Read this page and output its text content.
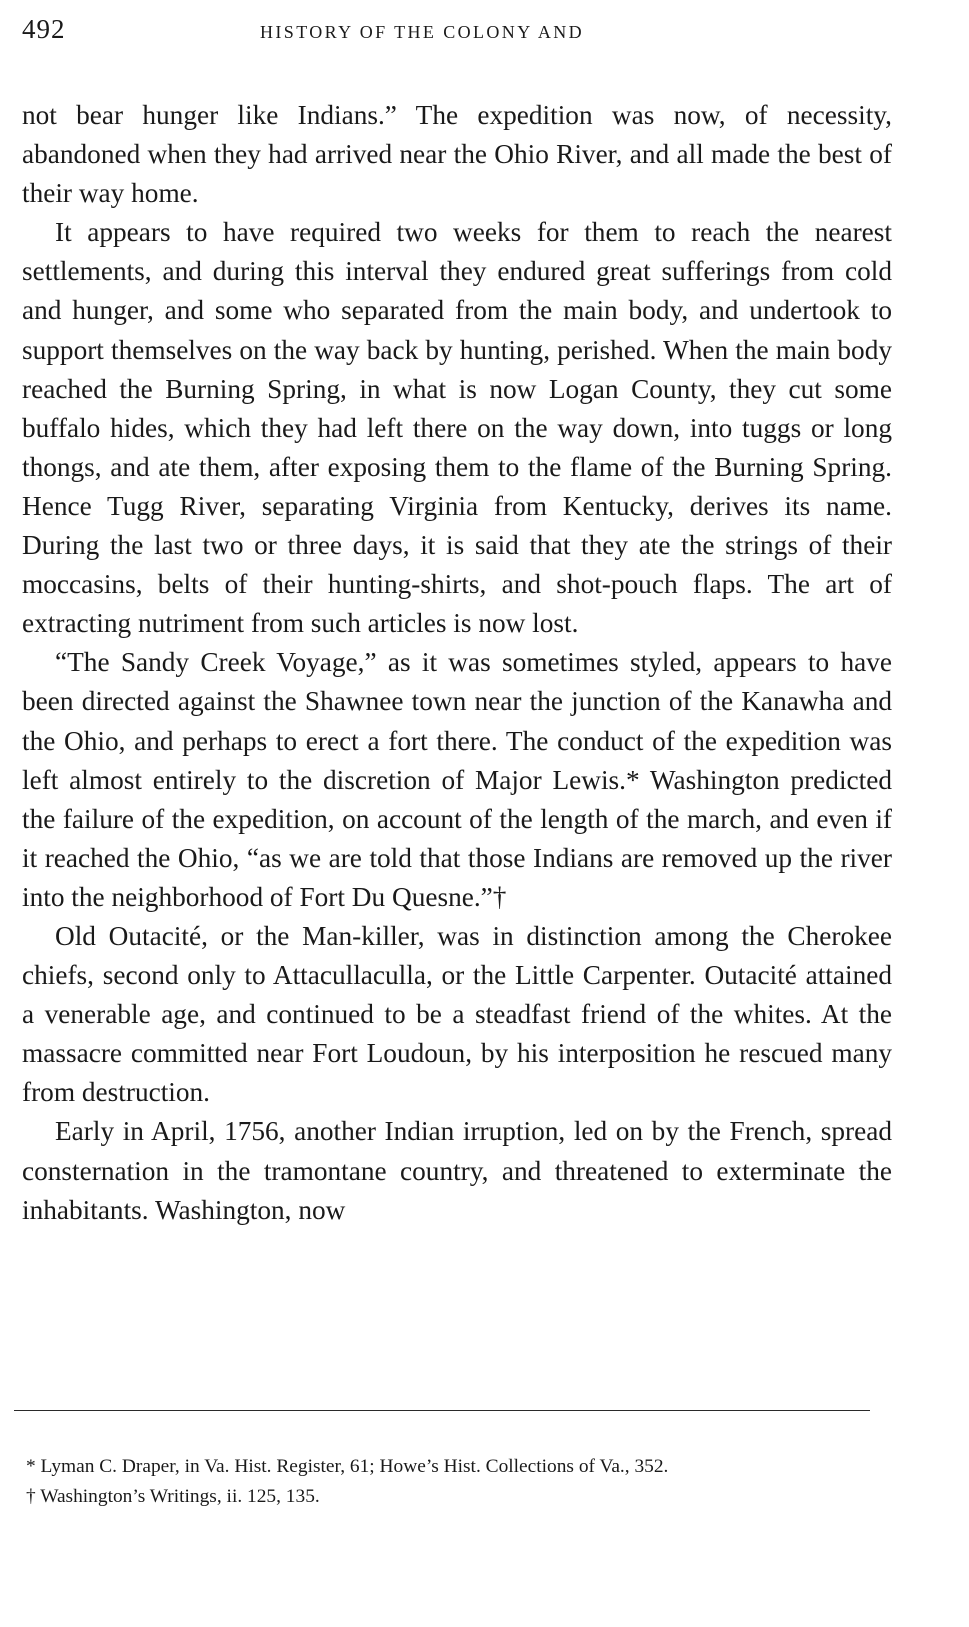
492	HISTORY OF THE COLONY AND

not bear hunger like Indians.” The expedition was now, of necessity, abandoned when they had arrived near the Ohio River, and all made the best of their way home.

It appears to have required two weeks for them to reach the nearest settlements, and during this interval they endured great sufferings from cold and hunger, and some who separated from the main body, and undertook to support themselves on the way back by hunting, perished. When the main body reached the Burning Spring, in what is now Logan County, they cut some buffalo hides, which they had left there on the way down, into tuggs or long thongs, and ate them, after exposing them to the flame of the Burning Spring. Hence Tugg River, separating Virginia from Kentucky, derives its name. During the last two or three days, it is said that they ate the strings of their moccasins, belts of their hunting-shirts, and shot-pouch flaps. The art of extracting nutriment from such articles is now lost.

“The Sandy Creek Voyage,” as it was sometimes styled, appears to have been directed against the Shawnee town near the junction of the Kanawha and the Ohio, and perhaps to erect a fort there. The conduct of the expedition was left almost entirely to the discretion of Major Lewis.* Washington predicted the failure of the expedition, on account of the length of the march, and even if it reached the Ohio, “as we are told that those Indians are removed up the river into the neighborhood of Fort Du Quesne.”†

Old Outacité, or the Man-killer, was in distinction among the Cherokee chiefs, second only to Attacullaculla, or the Little Carpenter. Outacité attained a venerable age, and continued to be a steadfast friend of the whites. At the massacre committed near Fort Loudoun, by his interposition he rescued many from destruction.

Early in April, 1756, another Indian irruption, led on by the French, spread consternation in the tramontane country, and threatened to exterminate the inhabitants. Washington, now

* Lyman C. Draper, in Va. Hist. Register, 61; Howe’s Hist. Collections of Va., 352.

† Washington’s Writings, ii. 125, 135.
